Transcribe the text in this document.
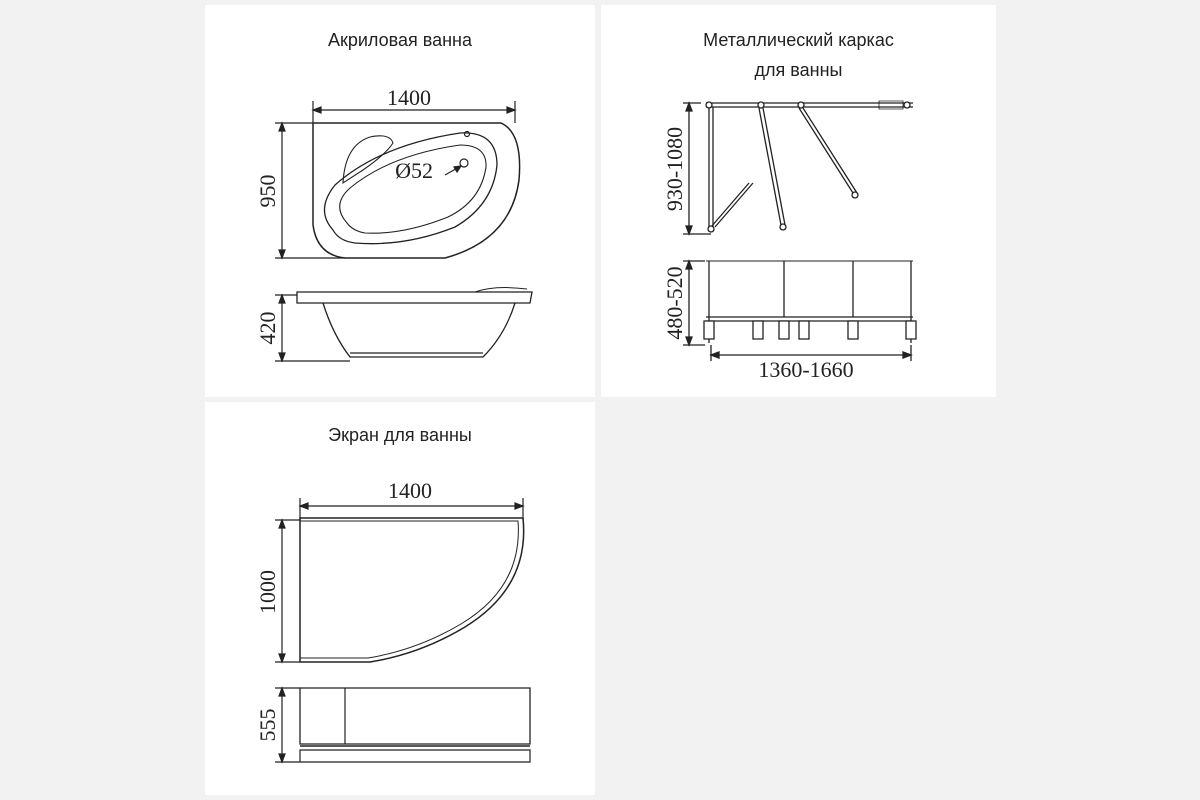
Акриловая ванна
1400
950
Ø52
420
Металлический каркас
для ванны
930-1080
480-520
1360-1660
Экран для ванны
1400
1000
555
